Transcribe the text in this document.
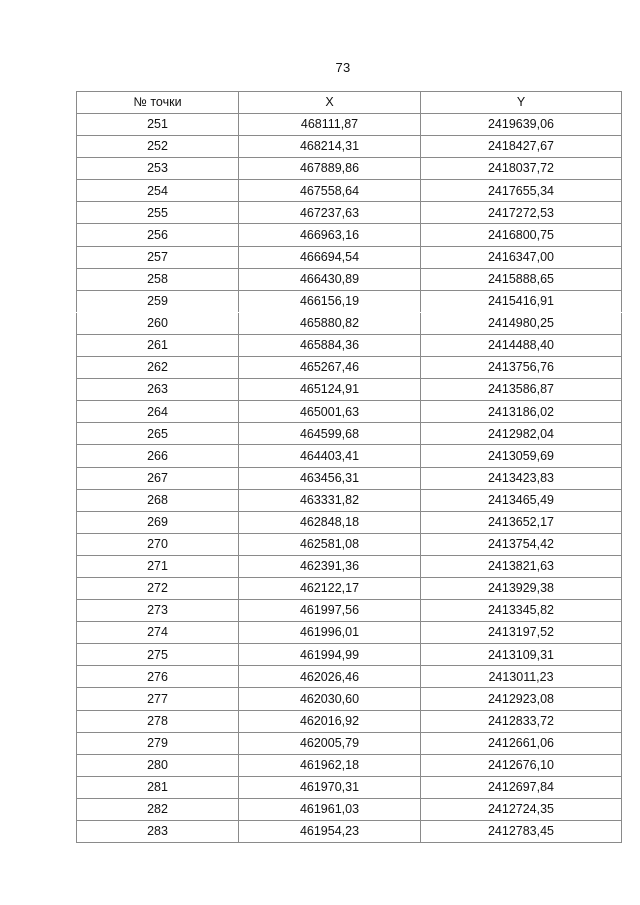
73
№ точки	X	Y
251	468111,87	2419639,06
252	468214,31	2418427,67
253	467889,86	2418037,72
254	467558,64	2417655,34
255	467237,63	2417272,53
256	466963,16	2416800,75
257	466694,54	2416347,00
258	466430,89	2415888,65
259	466156,19	2415416,91
260	465880,82	2414980,25
261	465884,36	2414488,40
262	465267,46	2413756,76
263	465124,91	2413586,87
264	465001,63	2413186,02
265	464599,68	2412982,04
266	464403,41	2413059,69
267	463456,31	2413423,83
268	463331,82	2413465,49
269	462848,18	2413652,17
270	462581,08	2413754,42
271	462391,36	2413821,63
272	462122,17	2413929,38
273	461997,56	2413345,82
274	461996,01	2413197,52
275	461994,99	2413109,31
276	462026,46	2413011,23
277	462030,60	2412923,08
278	462016,92	2412833,72
279	462005,79	2412661,06
280	461962,18	2412676,10
281	461970,31	2412697,84
282	461961,03	2412724,35
283	461954,23	2412783,45
